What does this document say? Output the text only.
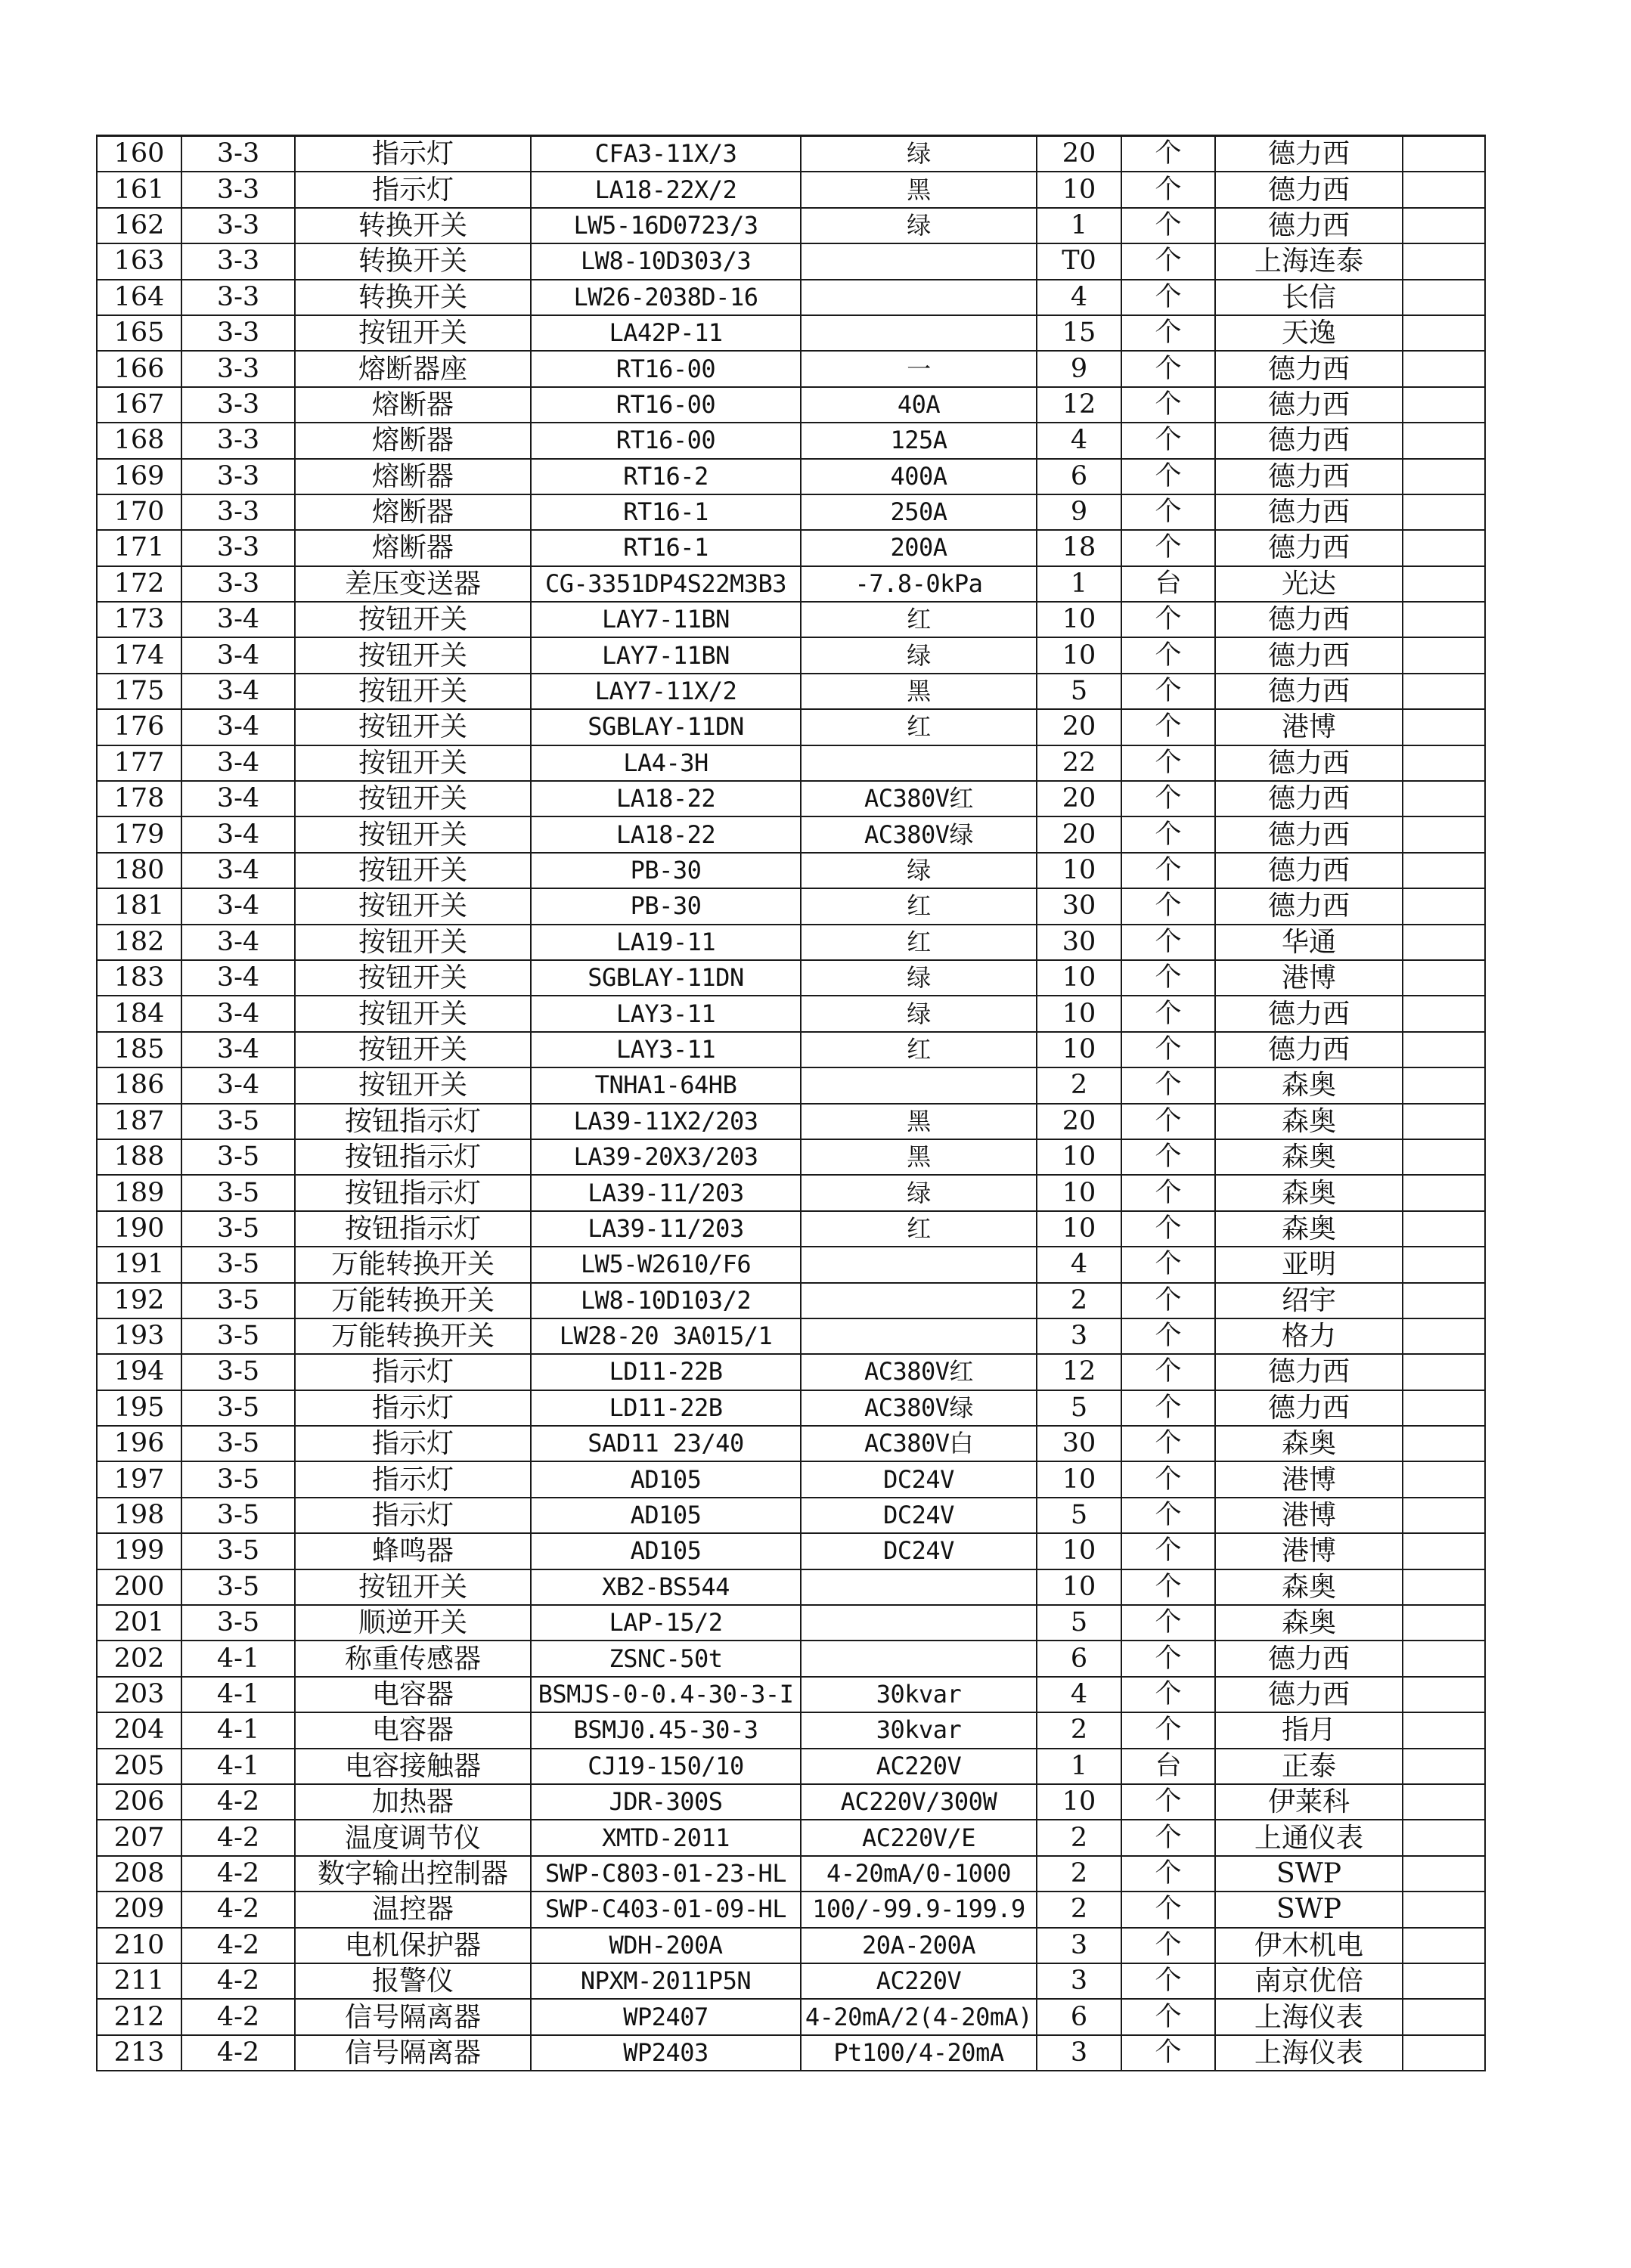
160	3-3	指示灯	CFA3-11X/3	绿	20	个	德力西	
161	3-3	指示灯	LA18-22X/2	黑	10	个	德力西	
162	3-3	转换开关	LW5-16D0723/3	绿	1	个	德力西	
163	3-3	转换开关	LW8-10D303/3		T0	个	上海连泰	
164	3-3	转换开关	LW26-2038D-16		4	个	长信	
165	3-3	按钮开关	LA42P-11		15	个	天逸	
166	3-3	熔断器座	RT16-00	一	9	个	德力西	
167	3-3	熔断器	RT16-00	40A	12	个	德力西	
168	3-3	熔断器	RT16-00	125A	4	个	德力西	
169	3-3	熔断器	RT16-2	400A	6	个	德力西	
170	3-3	熔断器	RT16-1	250A	9	个	德力西	
171	3-3	熔断器	RT16-1	200A	18	个	德力西	
172	3-3	差压变送器	CG-3351DP4S22M3B3	-7.8-0kPa	1	台	光达	
173	3-4	按钮开关	LAY7-11BN	红	10	个	德力西	
174	3-4	按钮开关	LAY7-11BN	绿	10	个	德力西	
175	3-4	按钮开关	LAY7-11X/2	黑	5	个	德力西	
176	3-4	按钮开关	SGBLAY-11DN	红	20	个	港博	
177	3-4	按钮开关	LA4-3H		22	个	德力西	
178	3-4	按钮开关	LA18-22	AC380V红	20	个	德力西	
179	3-4	按钮开关	LA18-22	AC380V绿	20	个	德力西	
180	3-4	按钮开关	PB-30	绿	10	个	德力西	
181	3-4	按钮开关	PB-30	红	30	个	德力西	
182	3-4	按钮开关	LA19-11	红	30	个	华通	
183	3-4	按钮开关	SGBLAY-11DN	绿	10	个	港博	
184	3-4	按钮开关	LAY3-11	绿	10	个	德力西	
185	3-4	按钮开关	LAY3-11	红	10	个	德力西	
186	3-4	按钮开关	TNHA1-64HB		2	个	森奥	
187	3-5	按钮指示灯	LA39-11X2/203	黑	20	个	森奥	
188	3-5	按钮指示灯	LA39-20X3/203	黑	10	个	森奥	
189	3-5	按钮指示灯	LA39-11/203	绿	10	个	森奥	
190	3-5	按钮指示灯	LA39-11/203	红	10	个	森奥	
191	3-5	万能转换开关	LW5-W2610/F6		4	个	亚明	
192	3-5	万能转换开关	LW8-10D103/2		2	个	绍宇	
193	3-5	万能转换开关	LW28-20 3A015/1		3	个	格力	
194	3-5	指示灯	LD11-22B	AC380V红	12	个	德力西	
195	3-5	指示灯	LD11-22B	AC380V绿	5	个	德力西	
196	3-5	指示灯	SAD11 23/40	AC380V白	30	个	森奥	
197	3-5	指示灯	AD105	DC24V	10	个	港博	
198	3-5	指示灯	AD105	DC24V	5	个	港博	
199	3-5	蜂鸣器	AD105	DC24V	10	个	港博	
200	3-5	按钮开关	XB2-BS544		10	个	森奥	
201	3-5	顺逆开关	LAP-15/2		5	个	森奥	
202	4-1	称重传感器	ZSNC-50t		6	个	德力西	
203	4-1	电容器	BSMJS-0-0.4-30-3-I	30kvar	4	个	德力西	
204	4-1	电容器	BSMJ0.45-30-3	30kvar	2	个	指月	
205	4-1	电容接触器	CJ19-150/10	AC220V	1	台	正泰	
206	4-2	加热器	JDR-300S	AC220V/300W	10	个	伊莱科	
207	4-2	温度调节仪	XMTD-2011	AC220V/E	2	个	上通仪表	
208	4-2	数字输出控制器	SWP-C803-01-23-HL	4-20mA/0-1000	2	个	SWP	
209	4-2	温控器	SWP-C403-01-09-HL	100/-99.9-199.9	2	个	SWP	
210	4-2	电机保护器	WDH-200A	20A-200A	3	个	伊木机电	
211	4-2	报警仪	NPXM-2011P5N	AC220V	3	个	南京优倍	
212	4-2	信号隔离器	WP2407	4-20mA/2(4-20mA)	6	个	上海仪表	
213	4-2	信号隔离器	WP2403	Pt100/4-20mA	3	个	上海仪表	
